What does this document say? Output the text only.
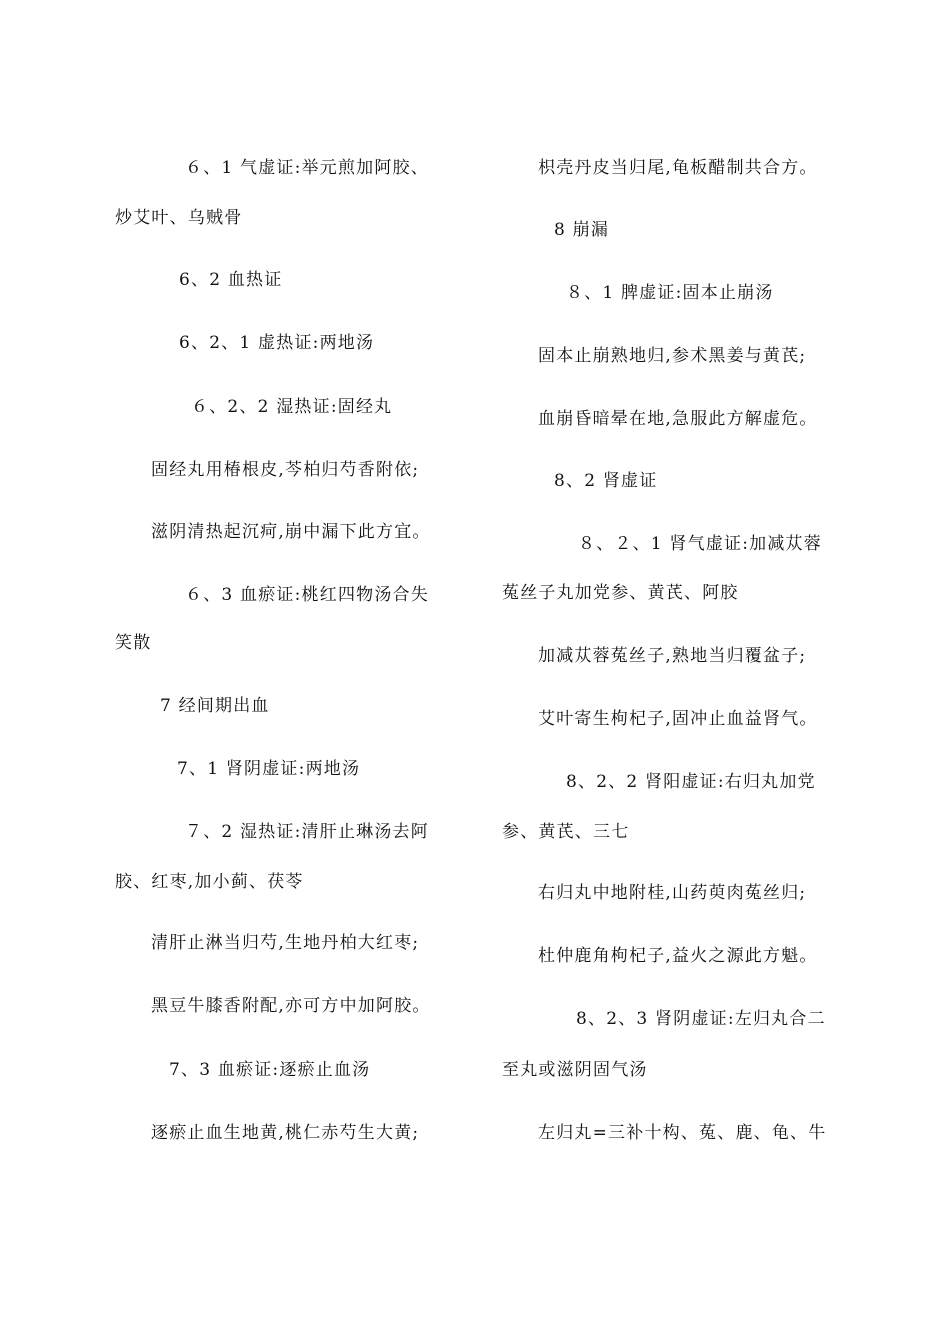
６、1 气虚证:举元煎加阿胶、
炒艾叶、乌贼骨
6、2 血热证
6、2、1 虚热证:两地汤
６、2、2 湿热证:固经丸
固经丸用椿根皮,芩柏归芍香附依;
滋阴清热起沉疴,崩中漏下此方宜。
６、3 血瘀证:桃红四物汤合失
笑散
7 经间期出血
7、1 肾阴虚证:两地汤
７、2 湿热证:清肝止琳汤去阿
胶、红枣,加小蓟、茯苓
清肝止淋当归芍,生地丹柏大红枣;
黑豆牛膝香附配,亦可方中加阿胶。
7、3 血瘀证:逐瘀止血汤
逐瘀止血生地黄,桃仁赤芍生大黄;
枳壳丹皮当归尾,龟板醋制共合方。
8 崩漏
８、1 脾虚证:固本止崩汤
固本止崩熟地归,参术黑姜与黄芪;
血崩昏暗晕在地,急服此方解虚危。
8、2 肾虚证
８、２、1 肾气虚证:加减苁蓉
菟丝子丸加党参、黄芪、阿胶
加减苁蓉菟丝子,熟地当归覆盆子;
艾叶寄生枸杞子,固冲止血益肾气。
8、2、2 肾阳虚证:右归丸加党
参、黄芪、三七
右归丸中地附桂,山药萸肉菟丝归;
杜仲鹿角枸杞子,益火之源此方魁。
8、2、3 肾阴虚证:左归丸合二
至丸或滋阴固气汤
左归丸=三补十构、菟、鹿、龟、牛
